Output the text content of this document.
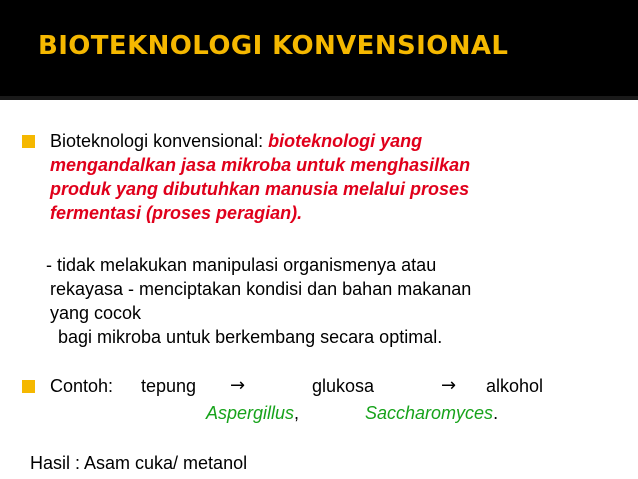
BIOTEKNOLOGI KONVENSIONAL
Bioteknologi konvensional: bioteknologi yang
mengandalkan jasa mikroba untuk menghasilkan
produk yang dibutuhkan manusia melalui proses
fermentasi (proses peragian).
- tidak melakukan manipulasi organismenya atau
rekayasa - menciptakan kondisi dan bahan makanan
yang cocok
bagi mikroba untuk berkembang secara optimal.
Contoh: tepung →	glukosa	→ alkohol
Aspergillus,	Saccharomyces.
Hasil : Asam cuka/ metanol
